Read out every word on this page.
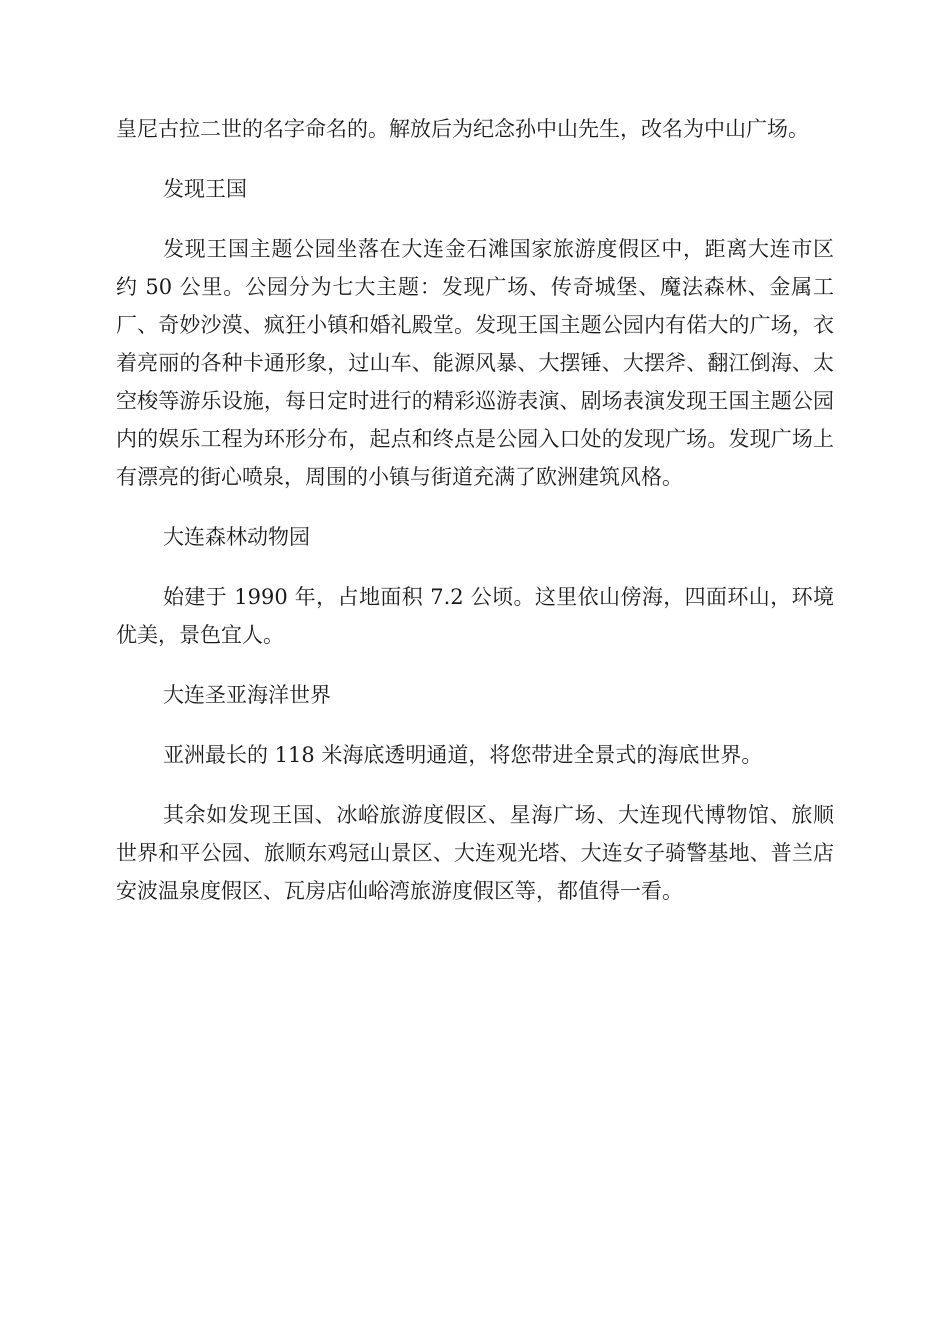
皇尼古拉二世的名字命名的。解放后为纪念孙中山先生，改名为中山广场。

发现王国

发现王国主题公园坐落在大连金石滩国家旅游度假区中，距离大连市区约 50 公里。公园分为七大主题：发现广场、传奇城堡、魔法森林、金属工厂、奇妙沙漠、疯狂小镇和婚礼殿堂。发现王国主题公园内有偌大的广场，衣着亮丽的各种卡通形象，过山车、能源风暴、大摆锤、大摆斧、翻江倒海、太空梭等游乐设施，每日定时进行的精彩巡游表演、剧场表演发现王国主题公园内的娱乐工程为环形分布，起点和终点是公园入口处的发现广场。发现广场上有漂亮的街心喷泉，周围的小镇与街道充满了欧洲建筑风格。

大连森林动物园

始建于 1990 年，占地面积 7.2 公顷。这里依山傍海，四面环山，环境优美，景色宜人。

大连圣亚海洋世界

亚洲最长的 118 米海底透明通道，将您带进全景式的海底世界。

其余如发现王国、冰峪旅游度假区、星海广场、大连现代博物馆、旅顺世界和平公园、旅顺东鸡冠山景区、大连观光塔、大连女子骑警基地、普兰店安波温泉度假区、瓦房店仙峪湾旅游度假区等，都值得一看。
